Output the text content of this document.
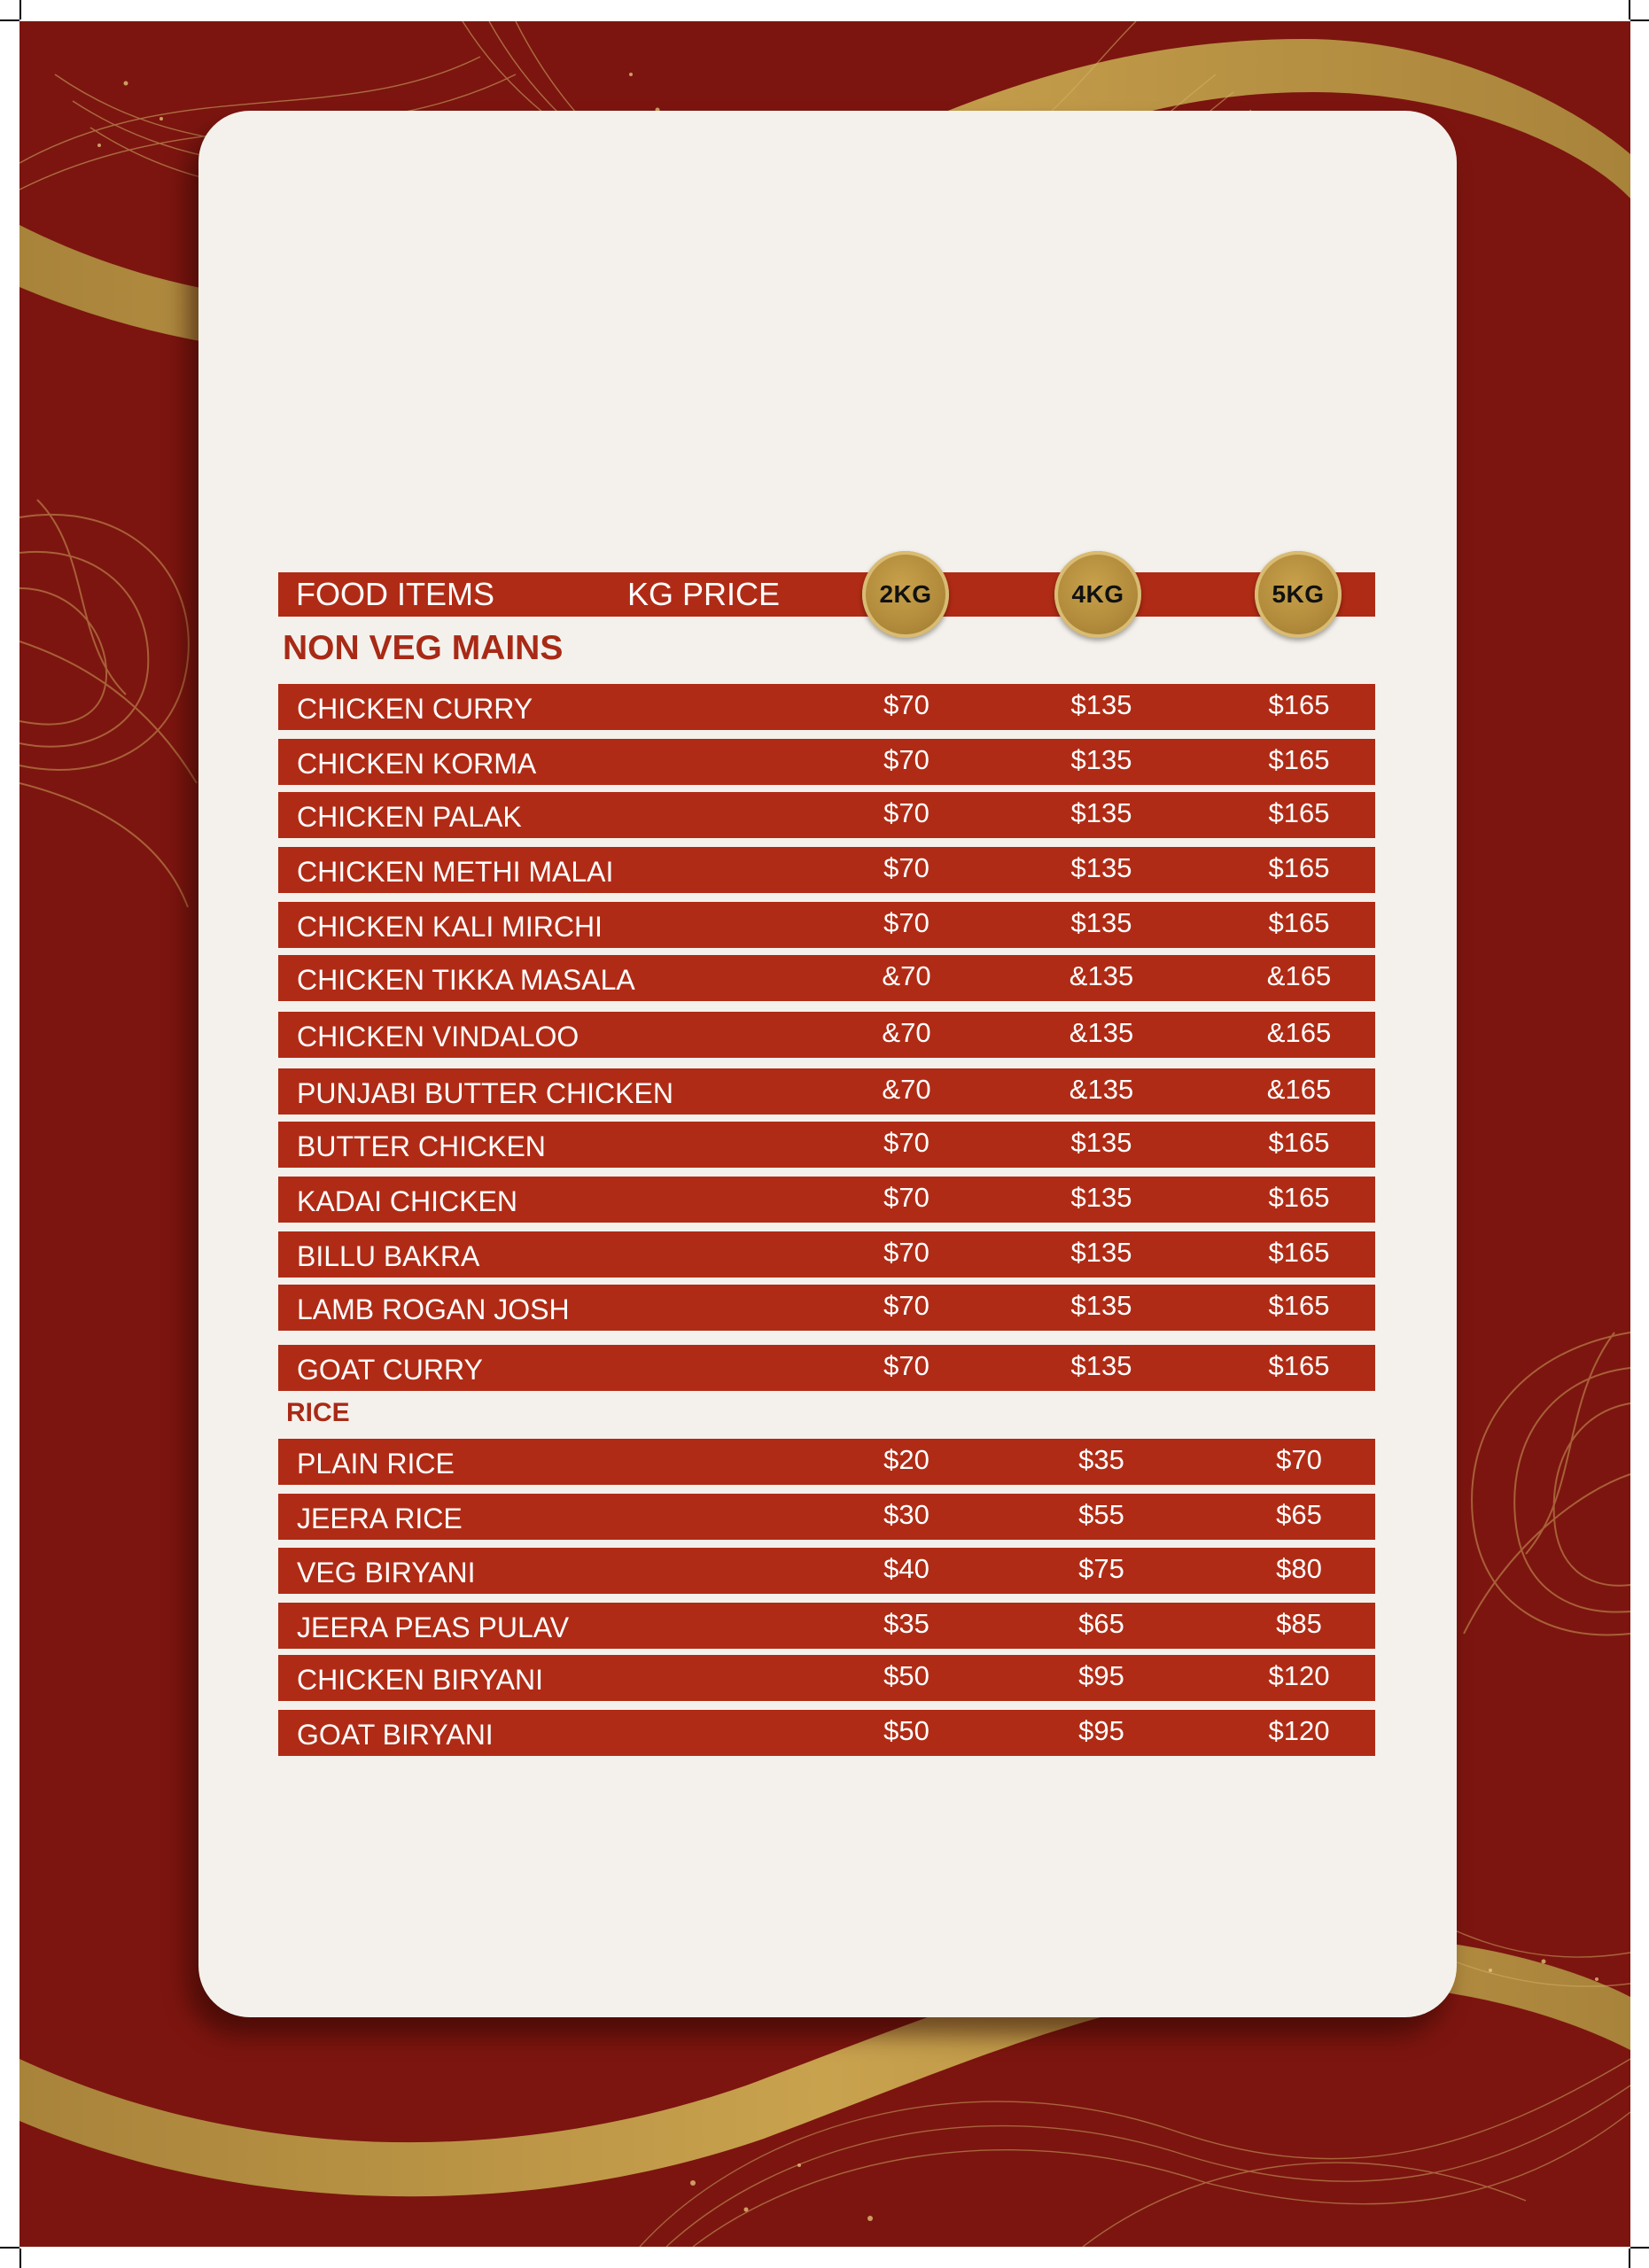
FOOD ITEMS	KG PRICE	2KG	4KG	5KG
NON VEG MAINS
CHICKEN CURRY	$70	$135	$165
CHICKEN KORMA	$70	$135	$165
CHICKEN PALAK	$70	$135	$165
CHICKEN METHI MALAI	$70	$135	$165
CHICKEN KALI MIRCHI	$70	$135	$165
CHICKEN TIKKA MASALA	&70	&135	&165
CHICKEN VINDALOO	&70	&135	&165
PUNJABI BUTTER CHICKEN	&70	&135	&165
BUTTER CHICKEN	$70	$135	$165
KADAI CHICKEN	$70	$135	$165
BILLU BAKRA	$70	$135	$165
LAMB ROGAN JOSH	$70	$135	$165
GOAT CURRY	$70	$135	$165
RICE
PLAIN RICE	$20	$35	$70
JEERA RICE	$30	$55	$65
VEG BIRYANI	$40	$75	$80
JEERA PEAS PULAV	$35	$65	$85
CHICKEN BIRYANI	$50	$95	$120
GOAT BIRYANI	$50	$95	$120
